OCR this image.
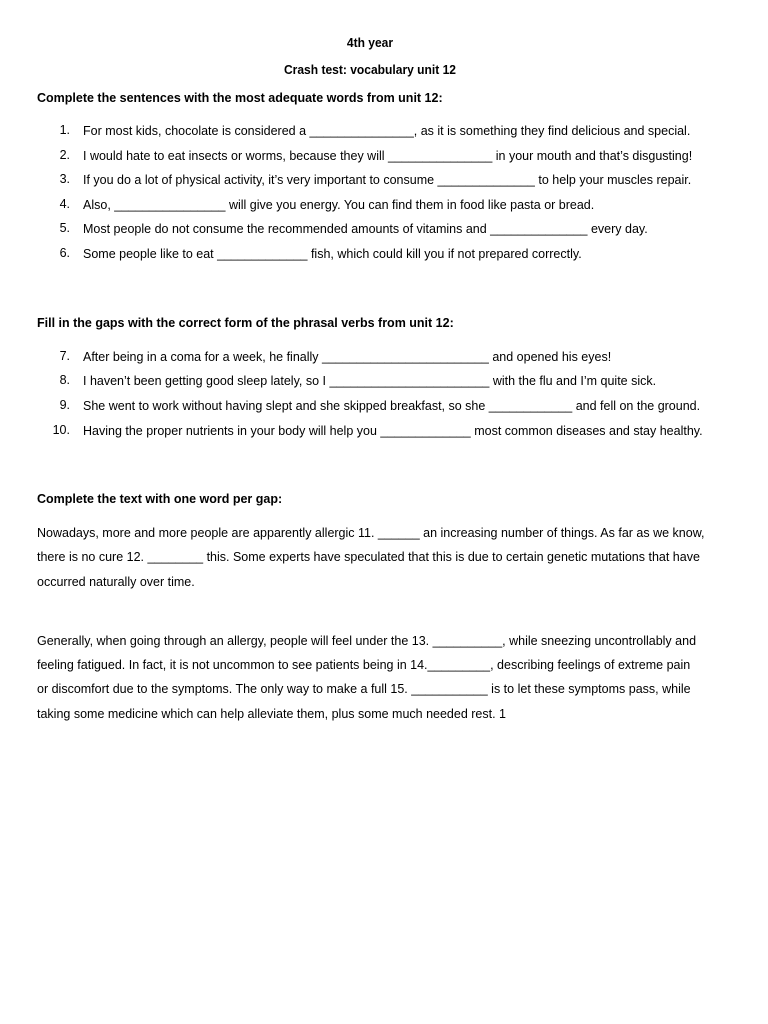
4th year
Crash test: vocabulary unit 12
Complete the sentences with the most adequate words from unit 12:
1. For most kids, chocolate is considered a _______________, as it is something they find delicious and special.
2. I would hate to eat insects or worms, because they will _______________ in your mouth and that’s disgusting!
3. If you do a lot of physical activity, it’s very important to consume ______________ to help your muscles repair.
4. Also, ________________ will give you energy. You can find them in food like pasta or bread.
5. Most people do not consume the recommended amounts of vitamins and ______________ every day.
6. Some people like to eat _____________ fish, which could kill you if not prepared correctly.
Fill in the gaps with the correct form of the phrasal verbs from unit 12:
7. After being in a coma for a week, he finally ________________________ and opened his eyes!
8. I haven’t been getting good sleep lately, so I _______________________ with the flu and I’m quite sick.
9. She went to work without having slept and she skipped breakfast, so she ____________ and fell on the ground.
10. Having the proper nutrients in your body will help you _____________ most common diseases and stay healthy.
Complete the text with one word per gap:
Nowadays, more and more people are apparently allergic 11. ______ an increasing number of things. As far as we know,
there is no cure 12. ________ this. Some experts have speculated that this is due to certain genetic mutations that have
occurred naturally over time.
Generally, when going through an allergy, people will feel under the 13. __________, while sneezing uncontrollably and
feeling fatigued. In fact, it is not uncommon to see patients being in 14._________, describing feelings of extreme pain
or discomfort due to the symptoms. The only way to make a full 15. ___________ is to let these symptoms pass, while
taking some medicine which can help alleviate them, plus some much needed rest. 1
